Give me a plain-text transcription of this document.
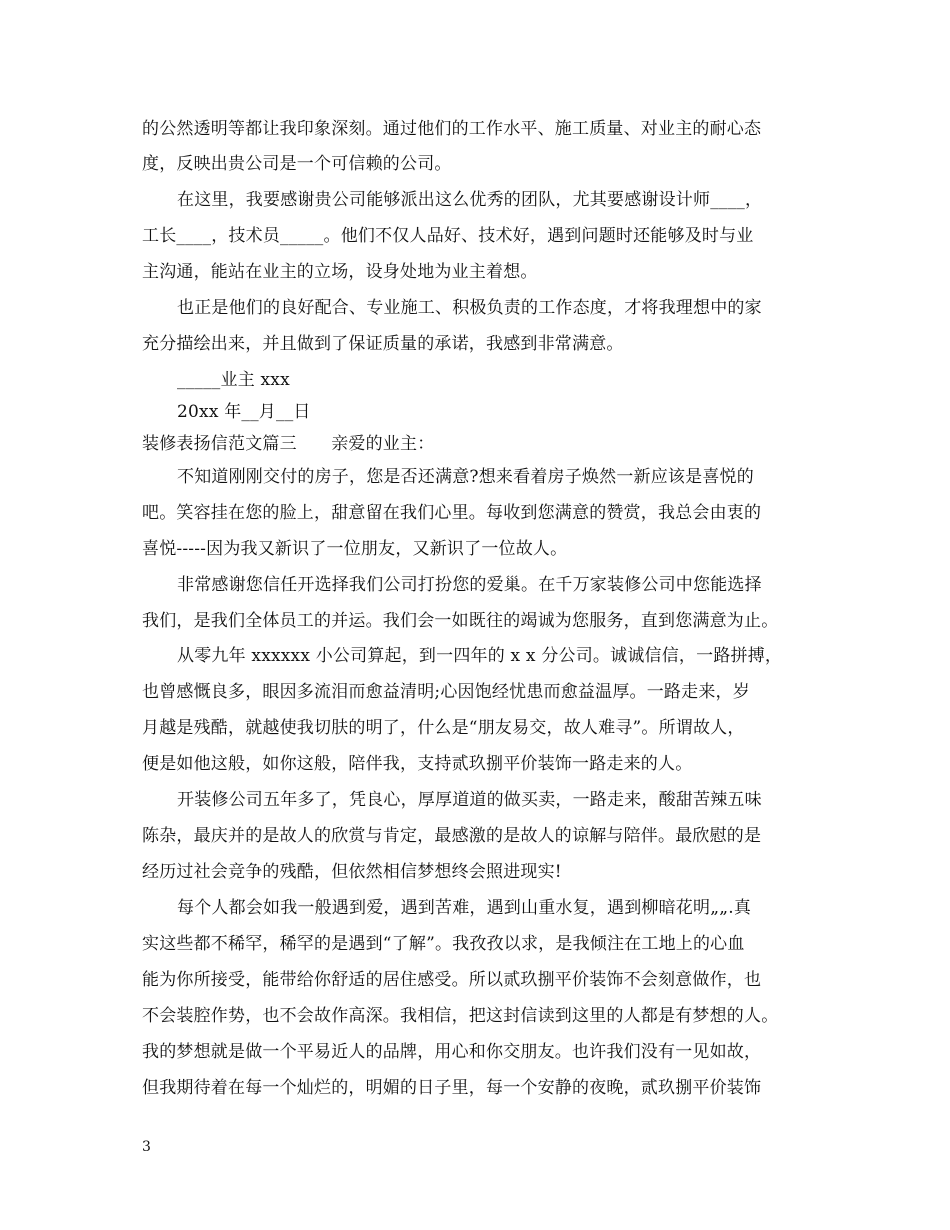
的公然透明等都让我印象深刻。通过他们的工作水平、施工质量、对业主的耐心态
度，反映出贵公司是一个可信赖的公司。
在这里，我要感谢贵公司能够派出这么优秀的团队，尤其要感谢设计师____，
工长____，技术员_____。他们不仅人品好、技术好，遇到问题时还能够及时与业
主沟通，能站在业主的立场，设身处地为业主着想。
也正是他们的良好配合、专业施工、积极负责的工作态度，才将我理想中的家
充分描绘出来，并且做到了保证质量的承诺，我感到非常满意。
_____业主 xxx
20xx 年__月__日
装修表扬信范文篇三　　亲爱的业主：
不知道刚刚交付的房子，您是否还满意?想来看着房子焕然一新应该是喜悦的
吧。笑容挂在您的脸上，甜意留在我们心里。每收到您满意的赞赏，我总会由衷的
喜悦-----因为我又新识了一位朋友，又新识了一位故人。
非常感谢您信任开选择我们公司打扮您的爱巢。在千万家装修公司中您能选择
我们，是我们全体员工的并运。我们会一如既往的竭诚为您服务，直到您满意为止。
从零九年 xxxxxx 小公司算起，到一四年的 x x 分公司。诚诚信信，一路拼搏，
也曾感慨良多，眼因多流泪而愈益清明;心因饱经忧患而愈益温厚。一路走来，岁
月越是残酷，就越使我切肤的明了，什么是“朋友易交，故人难寻”。所谓故人，
便是如他这般，如你这般，陪伴我，支持贰玖捌平价装饰一路走来的人。
开装修公司五年多了，凭良心，厚厚道道的做买卖，一路走来，酸甜苦辣五味
陈杂，最庆并的是故人的欣赏与肯定，最感激的是故人的谅解与陪伴。最欣慰的是
经历过社会竞争的残酷，但依然相信梦想终会照进现实!
每个人都会如我一般遇到爱，遇到苦难，遇到山重水复，遇到柳暗花明„„.真
实这些都不稀罕，稀罕的是遇到“了解”。我孜孜以求，是我倾注在工地上的心血
能为你所接受，能带给你舒适的居住感受。所以贰玖捌平价装饰不会刻意做作，也
不会装腔作势，也不会故作高深。我相信，把这封信读到这里的人都是有梦想的人。
我的梦想就是做一个平易近人的品牌，用心和你交朋友。也许我们没有一见如故，
但我期待着在每一个灿烂的，明媚的日子里，每一个安静的夜晚，贰玖捌平价装饰
3
